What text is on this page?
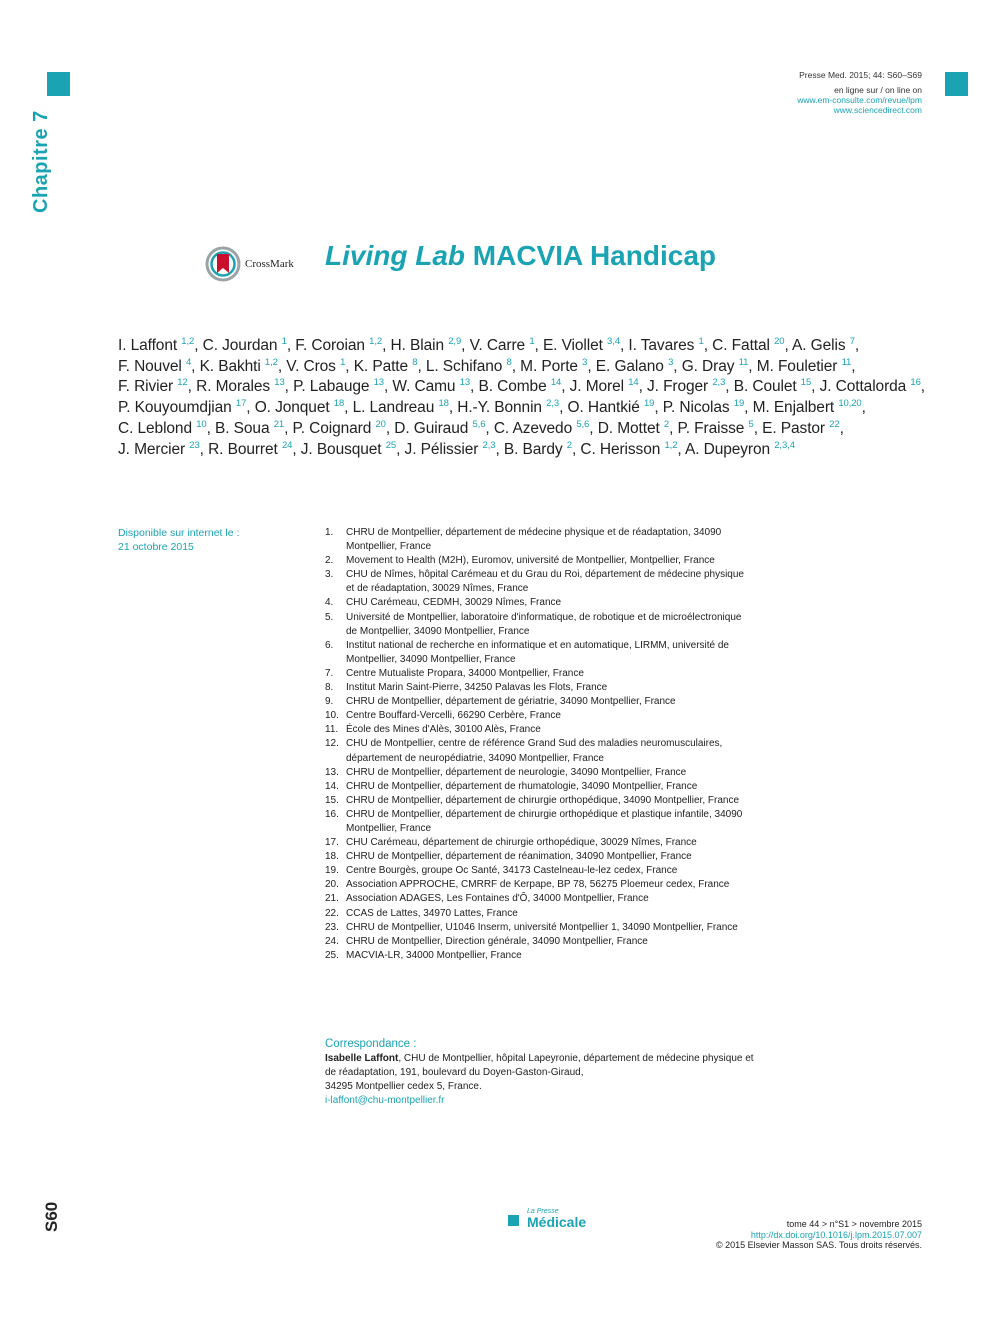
Chapitre 7
Presse Med. 2015; 44: S60–S69
en ligne sur / on line on
www.em-consulte.com/revue/lpm
www.sciencedirect.com
CrossMark Living Lab MACVIA Handicap
I. Laffont $^{1,2}$, C. Jourdan $^1$, F. Coroian $^{1,2}$, H. Blain $^{2,9}$, V. Carre $^1$, E. Viollet $^{3,4}$, I. Tavares $^1$, C. Fattal $^{20}$, A. Gelis $^7$, F. Nouvel $^4$, K. Bakhti $^{1,2}$, V. Cros $^1$, K. Patte $^8$, L. Schifano $^8$, M. Porte $^3$, E. Galano $^3$, G. Dray $^{11}$, M. Fouletier $^{11}$, F. Rivier $^{12}$, R. Morales $^{13}$, P. Labauge $^{13}$, W. Camu $^{13}$, B. Combe $^{14}$, J. Morel $^{14}$, J. Froger $^{2,3}$, B. Coulet $^{15}$, J. Cottalorda $^{16}$, P. Kouyoumdjian $^{17}$, O. Jonquet $^{18}$, L. Landreau $^{18}$, H.-Y. Bonnin $^{2,3}$, O. Hantkié $^{19}$, P. Nicolas $^{19}$, M. Enjalbert $^{10,20}$, C. Leblond $^{10}$, B. Soua $^{21}$, P. Coignard $^{20}$, D. Guiraud $^{5,6}$, C. Azevedo $^{5,6}$, D. Mottet $^2$, P. Fraisse $^5$, E. Pastor $^{22}$, J. Mercier $^{23}$, R. Bourret $^{24}$, J. Bousquet $^{25}$, J. Pélissier $^{2,3}$, B. Bardy $^2$, C. Herisson $^{1,2}$, A. Dupeyron $^{2,3,4}$
Disponible sur internet le :
21 octobre 2015
1. CHRU de Montpellier, département de médecine physique et de réadaptation, 34090 Montpellier, France
2. Movement to Health (M2H), Euromov, université de Montpellier, Montpellier, France
3. CHU de Nîmes, hôpital Carémeau et du Grau du Roi, département de médecine physique et de réadaptation, 30029 Nîmes, France
4. CHU Carémeau, CEDMH, 30029 Nîmes, France
5. Université de Montpellier, laboratoire d'informatique, de robotique et de microélectronique de Montpellier, 34090 Montpellier, France
6. Institut national de recherche en informatique et en automatique, LIRMM, université de Montpellier, 34090 Montpellier, France
7. Centre Mutualiste Propara, 34000 Montpellier, France
8. Institut Marin Saint-Pierre, 34250 Palavas les Flots, France
9. CHRU de Montpellier, département de gériatrie, 34090 Montpellier, France
10. Centre Bouffard-Vercelli, 66290 Cerbère, France
11. École des Mines d'Alès, 30100 Alès, France
12. CHU de Montpellier, centre de référence Grand Sud des maladies neuromusculaires, département de neuropédiatrie, 34090 Montpellier, France
13. CHRU de Montpellier, département de neurologie, 34090 Montpellier, France
14. CHRU de Montpellier, département de rhumatologie, 34090 Montpellier, France
15. CHRU de Montpellier, département de chirurgie orthopédique, 34090 Montpellier, France
16. CHRU de Montpellier, département de chirurgie orthopédique et plastique infantile, 34090 Montpellier, France
17. CHU Carémeau, département de chirurgie orthopédique, 30029 Nîmes, France
18. CHRU de Montpellier, département de réanimation, 34090 Montpellier, France
19. Centre Bourgès, groupe Oc Santé, 34173 Castelneau-le-lez cedex, France
20. Association APPROCHE, CMRRF de Kerpape, BP 78, 56275 Ploemeur cedex, France
21. Association ADAGES, Les Fontaines d'Ô, 34000 Montpellier, France
22. CCAS de Lattes, 34970 Lattes, France
23. CHRU de Montpellier, U1046 Inserm, université Montpellier 1, 34090 Montpellier, France
24. CHRU de Montpellier, Direction générale, 34090 Montpellier, France
25. MACVIA-LR, 34000 Montpellier, France
Correspondance :
Isabelle Laffont, CHU de Montpellier, hôpital Lapeyronie, département de médecine physique et de réadaptation, 191, boulevard du Doyen-Gaston-Giraud,
34295 Montpellier cedex 5, France.
i-laffont@chu-montpellier.fr
S60	La Presse
Médicale	tome 44 > n°S1 > novembre 2015
http://dx.doi.org/10.1016/j.lpm.2015.07.007
© 2015 Elsevier Masson SAS. Tous droits réservés.
